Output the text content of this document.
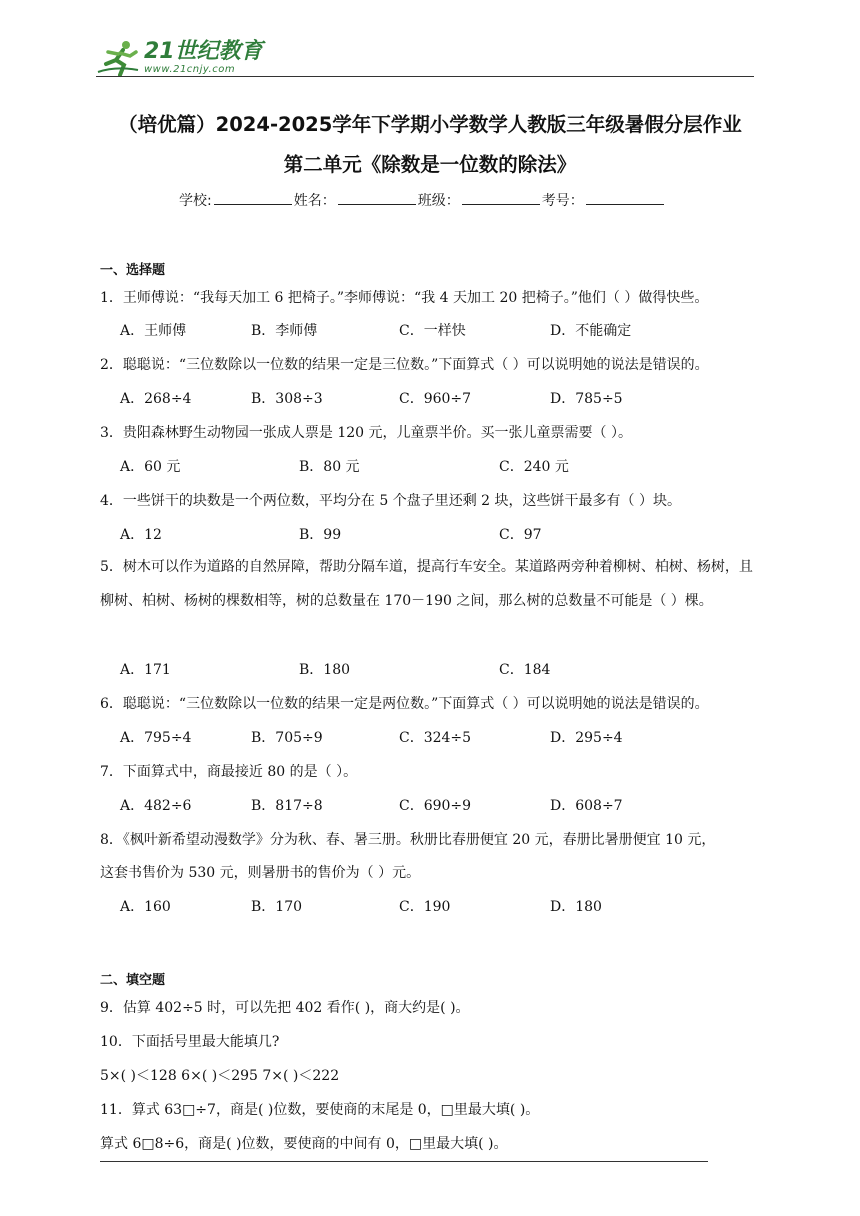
21世纪教育
www.21cnjy.com
（培优篇）2024-2025学年下学期小学数学人教版三年级暑假分层作业
第二单元《除数是一位数的除法》
学校:	姓名：	班级：	考号：
一、选择题
1．王师傅说：“我每天加工 6 把椅子。”李师傅说：“我 4 天加工 20 把椅子。”他们（ ）做得快些。
A．王师傅	B．李师傅	C．一样快	D．不能确定
2．聪聪说：“三位数除以一位数的结果一定是三位数。”下面算式（ ）可以说明她的说法是错误的。
A．268÷4	B．308÷3	C．960÷7	D．785÷5
3．贵阳森林野生动物园一张成人票是 120 元，儿童票半价。买一张儿童票需要（ ）。
A．60 元	B．80 元	C．240 元
4．一些饼干的块数是一个两位数，平均分在 5 个盘子里还剩 2 块，这些饼干最多有（ ）块。
A．12	B．99	C．97
5．树木可以作为道路的自然屏障，帮助分隔车道，提高行车安全。某道路两旁种着柳树、柏树、杨树，且柳树、柏树、杨树的棵数相等，树的总数量在 170－190 之间，那么树的总数量不可能是（ ）棵。
A．171	B．180	C．184
6．聪聪说：“三位数除以一位数的结果一定是两位数。”下面算式（ ）可以说明她的说法是错误的。
A．795÷4	B．705÷9	C．324÷5	D．295÷4
7．下面算式中，商最接近 80 的是（ ）。
A．482÷6	B．817÷8	C．690÷9	D．608÷7
8．《枫叶新希望动漫数学》分为秋、春、暑三册。秋册比春册便宜 20 元，春册比暑册便宜 10 元，
这套书售价为 530 元，则暑册书的售价为（ ）元。
A．160	B．170	C．190	D．180
二、填空题
9．估算 402÷5 时，可以先把 402 看作( )，商大约是( )。
10．下面括号里最大能填几?
5×( )＜128 6×( )＜295 7×( )＜222
11．算式 63□÷7，商是( )位数，要使商的末尾是 0，□里最大填( )。
算式 6□8÷6，商是( )位数，要使商的中间有 0，□里最大填( )。
